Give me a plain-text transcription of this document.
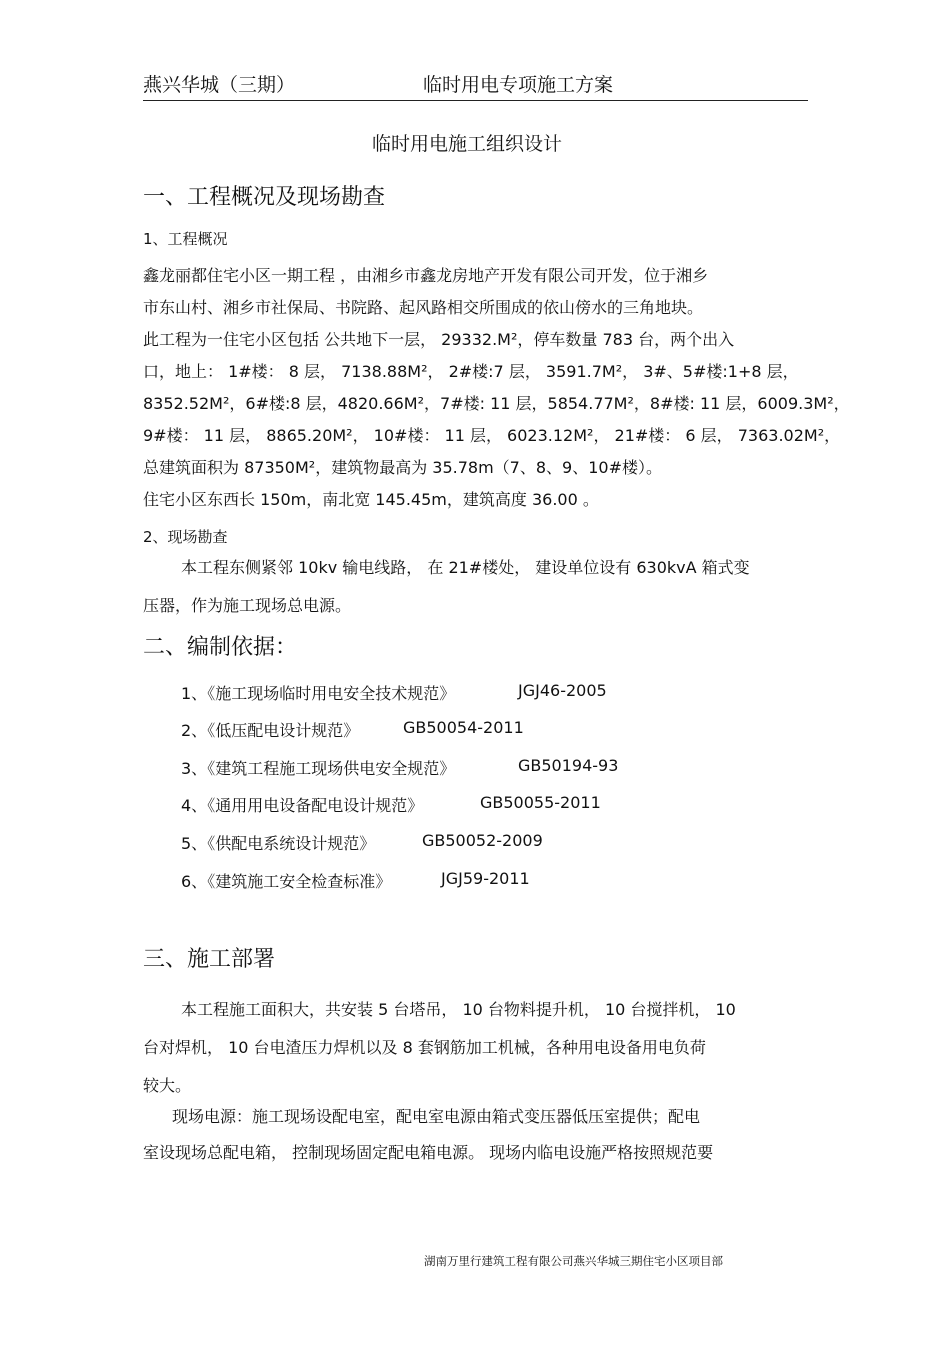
燕兴华城（三期）	临时用电专项施工方案
临时用电施工组织设计
一、工程概况及现场勘查
1、工程概况
鑫龙丽都住宅小区一期工程 ，由湘乡市鑫龙房地产开发有限公司开发，位于湘乡
市东山村、湘乡市社保局、书院路、起风路相交所围成的依山傍水的三角地块。
此工程为一住宅小区包括 公共地下一层， 29332.M²，停车数量 783 台，两个出入
口，地上： 1#楼： 8 层， 7138.88M²， 2#楼:7 层， 3591.7M²， 3#、5#楼:1+8 层，
8352.52M²，6#楼:8 层，4820.66M²，7#楼: 11 层，5854.77M²，8#楼: 11 层，6009.3M²，
9#楼： 11 层， 8865.20M²， 10#楼： 11 层， 6023.12M²， 21#楼： 6 层， 7363.02M²，
总建筑面积为 87350M²，建筑物最高为 35.78m（7、8、9、10#楼）。
住宅小区东西长 150m，南北宽 145.45m，建筑高度 36.00 。
2、现场勘查
本工程东侧紧邻 10kv 输电线路， 在 21#楼处， 建设单位设有 630kvA 箱式变
压器，作为施工现场总电源。
二、编制依据：
1、《施工现场临时用电安全技术规范》	JGJ46-2005
2、《低压配电设计规范》	GB50054-2011
3、《建筑工程施工现场供电安全规范》	GB50194-93
4、《通用用电设备配电设计规范》	GB50055-2011
5、《供配电系统设计规范》	GB50052-2009
6、《建筑施工安全检查标准》	JGJ59-2011
三、施工部署
本工程施工面积大，共安装 5 台塔吊， 10 台物料提升机， 10 台搅拌机， 10
台对焊机， 10 台电渣压力焊机以及 8 套钢筋加工机械，各种用电设备用电负荷
较大。
现场电源：施工现场设配电室，配电室电源由箱式变压器低压室提供；配电
室设现场总配电箱， 控制现场固定配电箱电源。 现场内临电设施严格按照规范要
湖南万里行建筑工程有限公司燕兴华城三期住宅小区项目部
